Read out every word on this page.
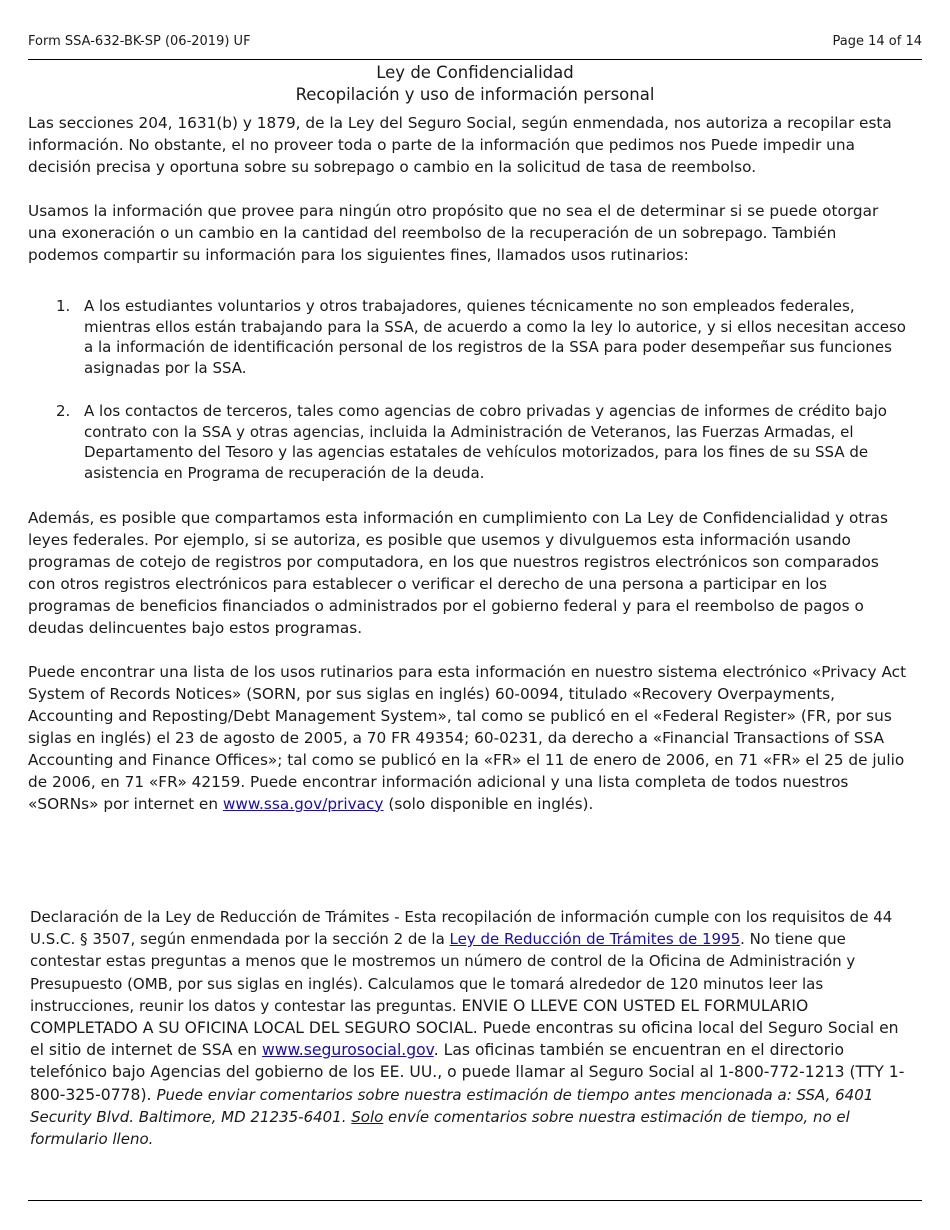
Form SSA-632-BK-SP (06-2019) UF	Page 14 of 14
Ley de Confidencialidad
Recopilación y uso de información personal

Las secciones 204, 1631(b) y 1879, de la Ley del Seguro Social, según enmendada, nos autoriza a recopilar esta información. No obstante, el no proveer toda o parte de la información que pedimos nos Puede impedir una decisión precisa y oportuna sobre su sobrepago o cambio en la solicitud de tasa de reembolso.

Usamos la información que provee para ningún otro propósito que no sea el de determinar si se puede otorgar una exoneración o un cambio en la cantidad del reembolso de la recuperación de un sobrepago. También podemos compartir su información para los siguientes fines, llamados usos rutinarios:

1. A los estudiantes voluntarios y otros trabajadores, quienes técnicamente no son empleados federales, mientras ellos están trabajando para la SSA, de acuerdo a como la ley lo autorice, y si ellos necesitan acceso a la información de identificación personal de los registros de la SSA para poder desempeñar sus funciones asignadas por la SSA.
2. A los contactos de terceros, tales como agencias de cobro privadas y agencias de informes de crédito bajo contrato con la SSA y otras agencias, incluida la Administración de Veteranos, las Fuerzas Armadas, el Departamento del Tesoro y las agencias estatales de vehículos motorizados, para los fines de su SSA de asistencia en Programa de recuperación de la deuda.

Además, es posible que compartamos esta información en cumplimiento con La Ley de Confidencialidad y otras leyes federales. Por ejemplo, si se autoriza, es posible que usemos y divulguemos esta información usando programas de cotejo de registros por computadora, en los que nuestros registros electrónicos son comparados con otros registros electrónicos para establecer o verificar el derecho de una persona a participar en los programas de beneficios financiados o administrados por el gobierno federal y para el reembolso de pagos o deudas delincuentes bajo estos programas.

Puede encontrar una lista de los usos rutinarios para esta información en nuestro sistema electrónico «Privacy Act System of Records Notices» (SORN, por sus siglas en inglés) 60-0094, titulado «Recovery Overpayments, Accounting and Reposting/Debt Management System», tal como se publicó en el «Federal Register» (FR, por sus siglas en inglés) el 23 de agosto de 2005, a 70 FR 49354; 60-0231, da derecho a «Financial Transactions of SSA Accounting and Finance Offices»; tal como se publicó en la «FR» el 11 de enero de 2006, en 71 «FR» el 25 de julio de 2006, en 71 «FR» 42159. Puede encontrar información adicional y una lista completa de todos nuestros «SORNs» por internet en www.ssa.gov/privacy (solo disponible en inglés).

Declaración de la Ley de Reducción de Trámites - Esta recopilación de información cumple con los requisitos de 44 U.S.C. § 3507, según enmendada por la sección 2 de la Ley de Reducción de Trámites de 1995. No tiene que contestar estas preguntas a menos que le mostremos un número de control de la Oficina de Administración y Presupuesto (OMB, por sus siglas en inglés). Calculamos que le tomará alrededor de 120 minutos leer las instrucciones, reunir los datos y contestar las preguntas. ENVIE O LLEVE CON USTED EL FORMULARIO COMPLETADO A SU OFICINA LOCAL DEL SEGURO SOCIAL. Puede encontras su oficina local del Seguro Social en el sitio de internet de SSA en www.segurosocial.gov. Las oficinas también se encuentran en el directorio telefónico bajo Agencias del gobierno de los EE. UU., o puede llamar al Seguro Social al 1-800-772-1213 (TTY 1-800-325-0778). Puede enviar comentarios sobre nuestra estimación de tiempo antes mencionada a: SSA, 6401 Security Blvd. Baltimore, MD 21235-6401. Solo envíe comentarios sobre nuestra estimación de tiempo, no el formulario lleno.
